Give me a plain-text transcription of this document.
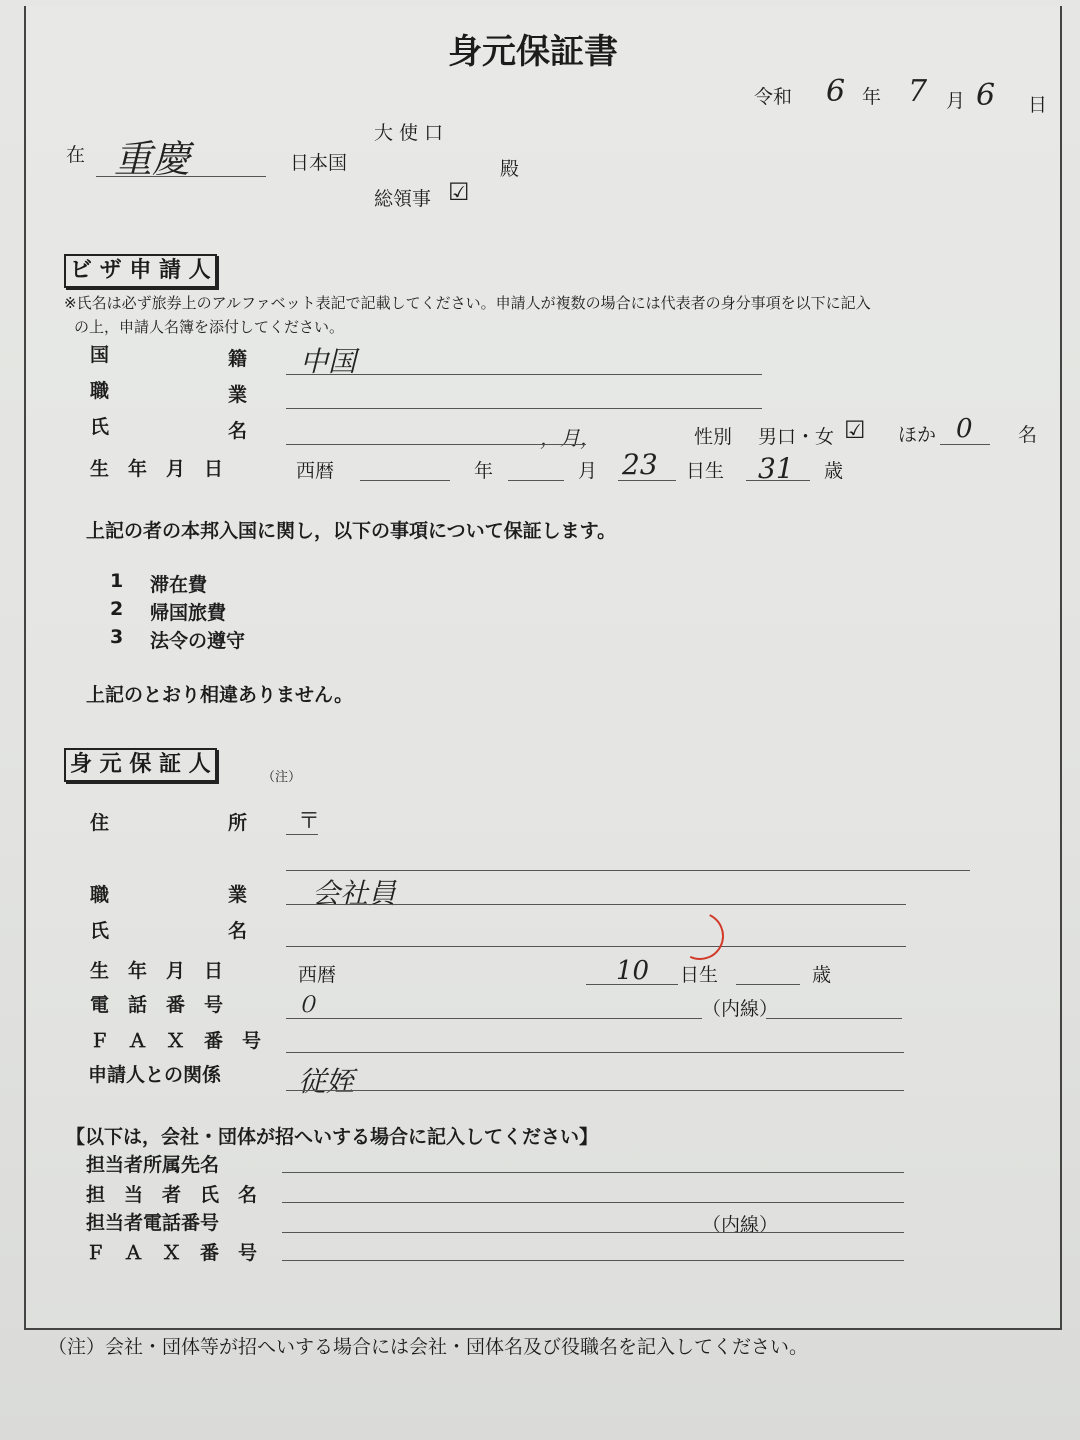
身元保証書
令和 6 年 7 月 6 日
在 重慶	日本国
大 使 口
殿
総領事 ☑
ビ ザ 申 請 人
※氏名は必ず旅券上のアルファベット表記で記載してください。申請人が複数の場合には代表者の身分事項を以下に記入
の上，申請人名簿を添付してください。
国	籍 中国
職	業
氏	名	，月，	性別 男口・女 ☑ ほか 0 名
生　年　月　日	西暦	年	月 23 日生 31 歳
上記の者の本邦入国に関し，以下の事項について保証します。
1 滞在費
2 帰国旅費
3 法令の遵守
上記のとおり相違ありません。
身 元 保 証 人
（注）
住	所 〒
職	業 会社員
氏	名
生　年　月　日	西暦	10 日生	歳
電　話　番　号	０	（内線）
Ｆ　Ａ　Ｘ　番　号
申請人との関係	従姪
【以下は，会社・団体が招へいする場合に記入してください】
担当者所属先名
担　当　者　氏　名
担当者電話番号	（内線）
Ｆ　Ａ　Ｘ　番　号
（注）会社・団体等が招へいする場合には会社・団体名及び役職名を記入してください。
